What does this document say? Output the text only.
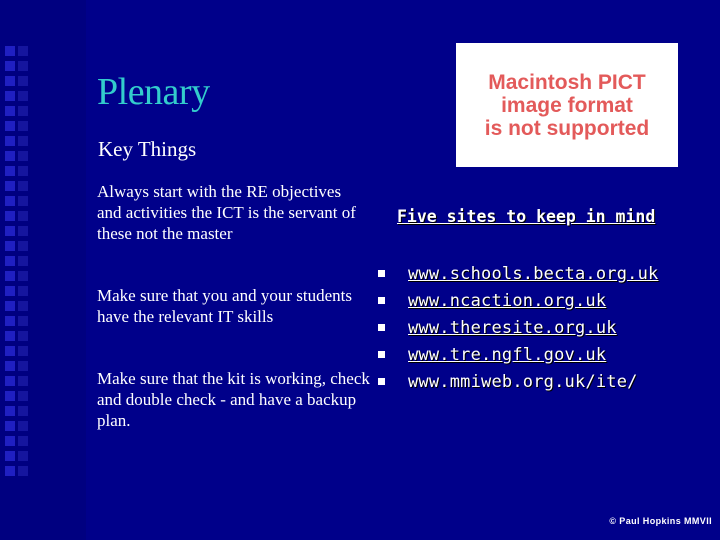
Plenary
Key Things
Macintosh PICT
image format
is not supported
Always start with the RE objectives and activities the ICT is the servant of these not the master
Make sure that you and your students have the relevant IT skills
Make sure that the kit is working, check and double check - and have a backup plan.
Five sites to keep in mind
www.schools.becta.org.uk
www.ncaction.org.uk
www.theresite.org.uk
www.tre.ngfl.gov.uk
www.mmiweb.org.uk/ite/
© Paul Hopkins MMVII
